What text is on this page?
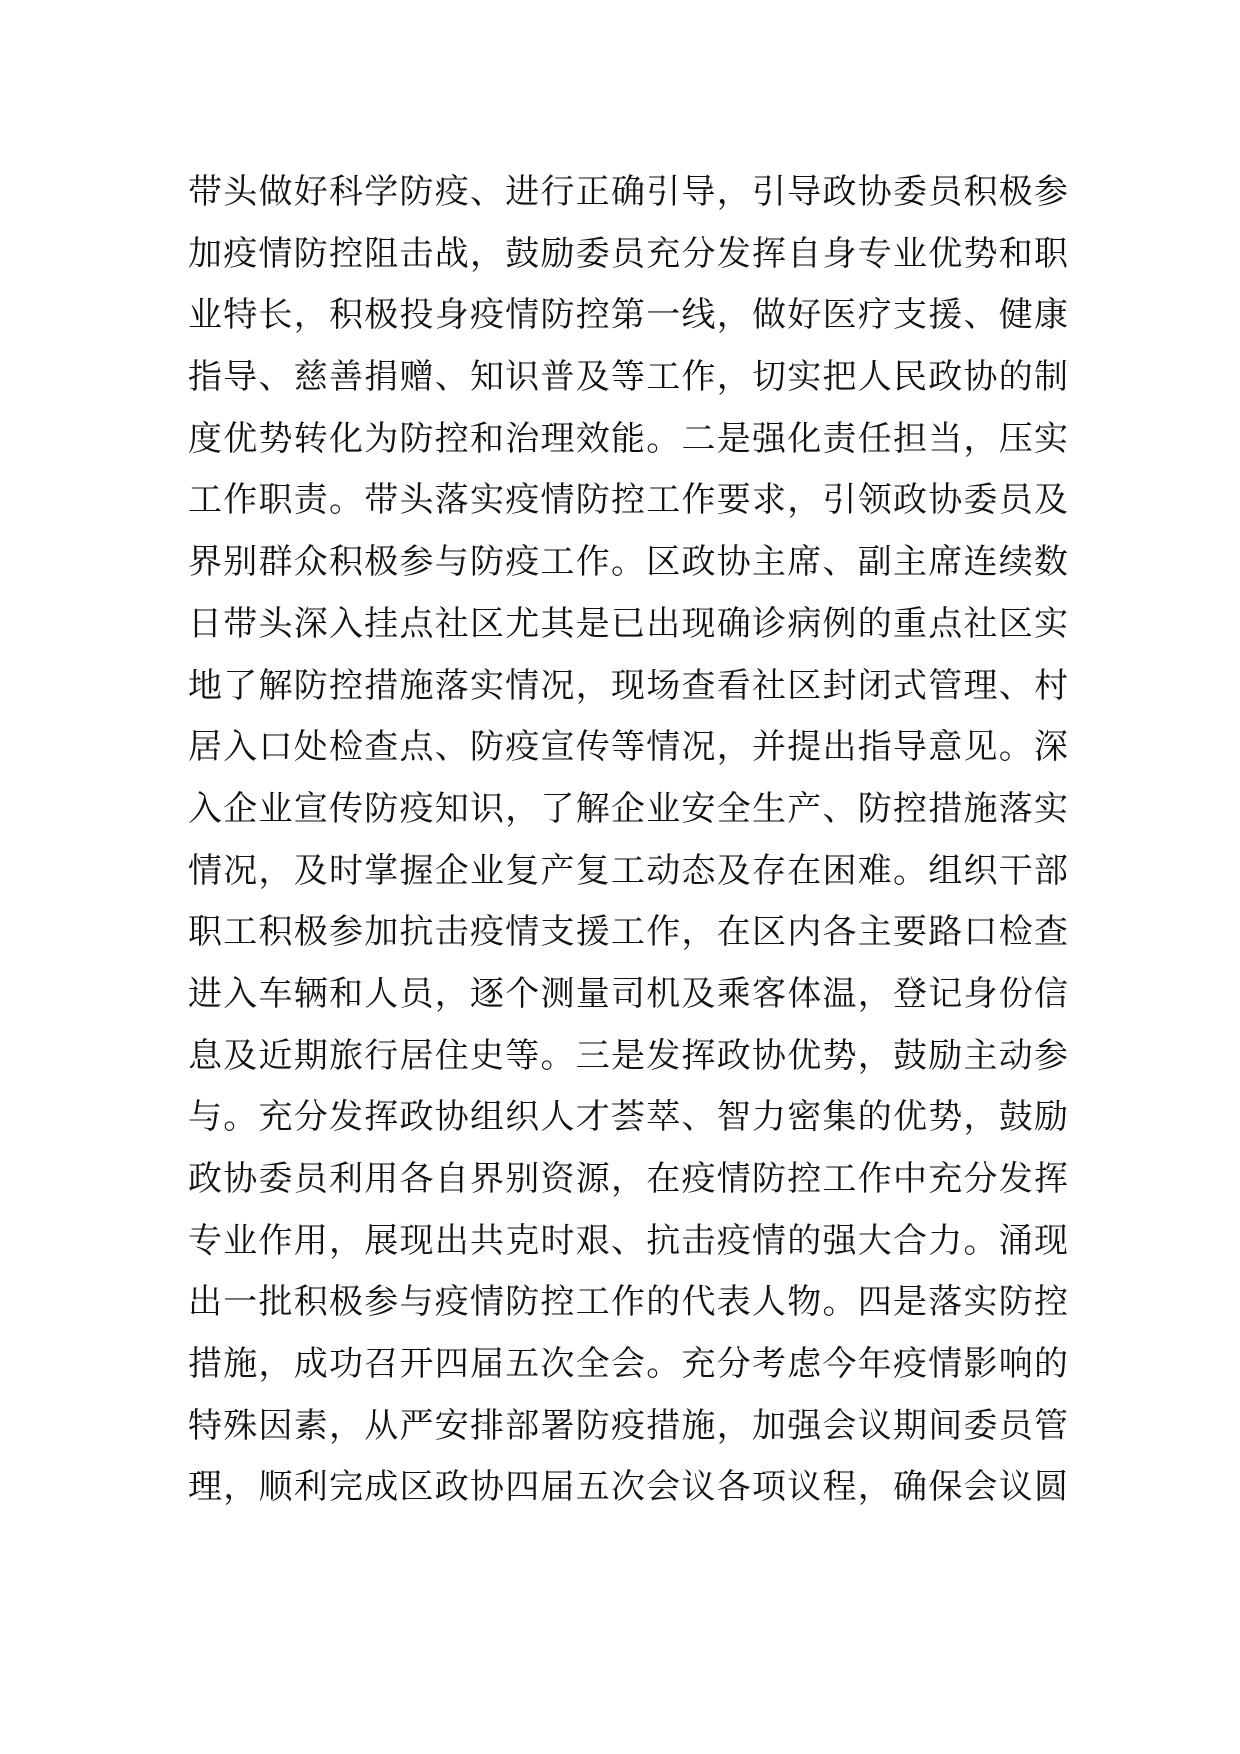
带头做好科学防疫、进行正确引导，引导政协委员积极参
加疫情防控阻击战，鼓励委员充分发挥自身专业优势和职
业特长，积极投身疫情防控第一线，做好医疗支援、健康
指导、慈善捐赠、知识普及等工作，切实把人民政协的制
度优势转化为防控和治理效能。二是强化责任担当，压实
工作职责。带头落实疫情防控工作要求，引领政协委员及
界别群众积极参与防疫工作。区政协主席、副主席连续数
日带头深入挂点社区尤其是已出现确诊病例的重点社区实
地了解防控措施落实情况，现场查看社区封闭式管理、村
居入口处检查点、防疫宣传等情况，并提出指导意见。深
入企业宣传防疫知识，了解企业安全生产、防控措施落实
情况，及时掌握企业复产复工动态及存在困难。组织干部
职工积极参加抗击疫情支援工作，在区内各主要路口检查
进入车辆和人员，逐个测量司机及乘客体温，登记身份信
息及近期旅行居住史等。三是发挥政协优势，鼓励主动参
与。充分发挥政协组织人才荟萃、智力密集的优势，鼓励
政协委员利用各自界别资源，在疫情防控工作中充分发挥
专业作用，展现出共克时艰、抗击疫情的强大合力。涌现
出一批积极参与疫情防控工作的代表人物。四是落实防控
措施，成功召开四届五次全会。充分考虑今年疫情影响的
特殊因素，从严安排部署防疫措施，加强会议期间委员管
理，顺利完成区政协四届五次会议各项议程，确保会议圆
